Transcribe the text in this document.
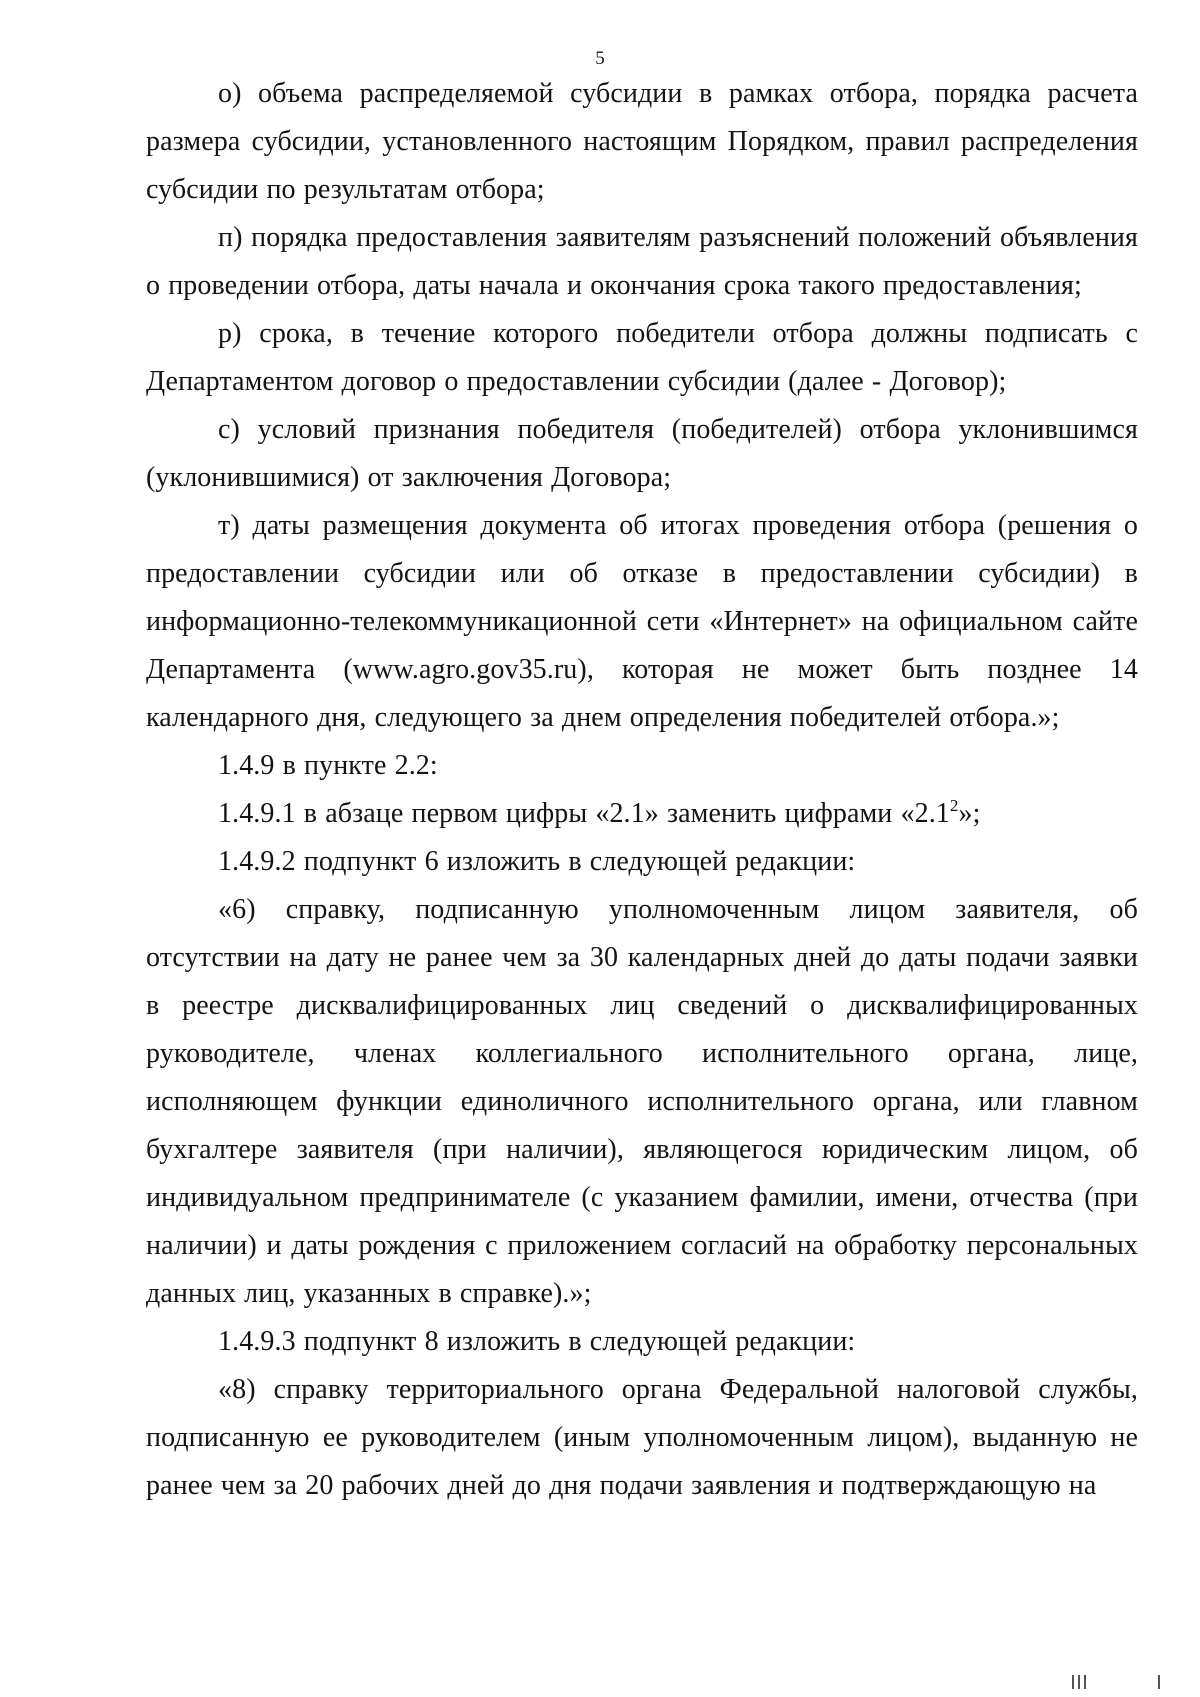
5

о) объема распределяемой субсидии в рамках отбора, порядка расчета размера субсидии, установленного настоящим Порядком, правил распределения субсидии по результатам отбора;

п) порядка предоставления заявителям разъяснений положений объявления о проведении отбора, даты начала и окончания срока такого предоставления;

р) срока, в течение которого победители отбора должны подписать с Департаментом договор о предоставлении субсидии (далее - Договор);

с) условий признания победителя (победителей) отбора уклонившимся (уклонившимися) от заключения Договора;

т) даты размещения документа об итогах проведения отбора (решения о предоставлении субсидии или об отказе в предоставлении субсидии) в информационно-телекоммуникационной сети «Интернет» на официальном сайте Департамента (www.agro.gov35.ru), которая не может быть позднее 14 календарного дня, следующего за днем определения победителей отбора.»;

1.4.9 в пункте 2.2:

1.4.9.1 в абзаце первом цифры «2.1» заменить цифрами «$2.1^2$»;

1.4.9.2 подпункт 6 изложить в следующей редакции:

«6) справку, подписанную уполномоченным лицом заявителя, об отсутствии на дату не ранее чем за 30 календарных дней до даты подачи заявки в реестре дисквалифицированных лиц сведений о дисквалифицированных руководителе, членах коллегиального исполнительного органа, лице, исполняющем функции единоличного исполнительного органа, или главном бухгалтере заявителя (при наличии), являющегося юридическим лицом, об индивидуальном предпринимателе (с указанием фамилии, имени, отчества (при наличии) и даты рождения с приложением согласий на обработку персональных данных лиц, указанных в справке).»;

1.4.9.3 подпункт 8 изложить в следующей редакции:

«8) справку территориального органа Федеральной налоговой службы, подписанную ее руководителем (иным уполномоченным лицом), выданную не ранее чем за 20 рабочих дней до дня подачи заявления и подтверждающую на
